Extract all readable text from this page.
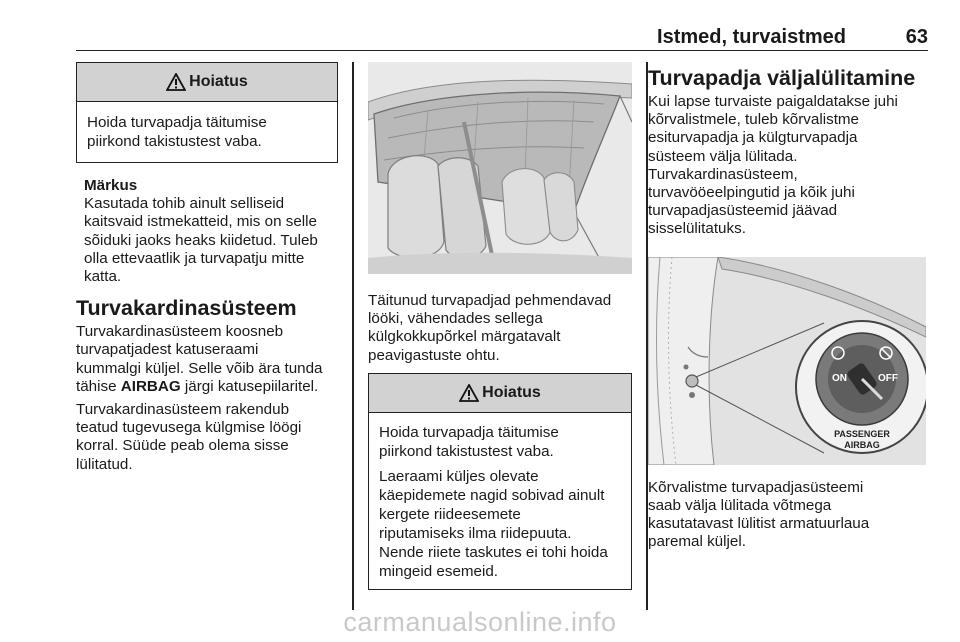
Istmed, turvaistmed	63
Hoiatus

Hoida turvapadja täitumise
piirkond takistustest vaba.

Märkus
Kasutada tohib ainult selliseid
kaitsvaid istmekatteid, mis on selle
sõiduki jaoks heaks kiidetud. Tuleb
olla ettevaatlik ja turvapatju mitte
katta.
Turvakardinasüsteem

Turvakardinasüsteem koosneb
turvapatjadest katuseraami
kummalgi küljel. Selle võib ära tunda
tähise AIRBAG järgi katusepiilaritel.

Turvakardinasüsteem rakendub
teatud tugevusega külgmise löögi
korral. Süüde peab olema sisse
lülitatud.

Täitunud turvapadjad pehmendavad
lööki, vähendades sellega
külgkokkupõrkel märgatavalt
peavigastuste ohtu.

Hoiatus

Hoida turvapadja täitumise
piirkond takistustest vaba.

Laeraami küljes olevate
käepidemete nagid sobivad ainult
kergete riideesemete
riputamiseks ilma riidepuuta.
Nende riiete taskutes ei tohi hoida
mingeid esemeid.

Turvapadja väljalülitamine

Kui lapse turvaiste paigaldatakse juhi
kõrvalistmele, tuleb kõrvalistme
esiturvapadja ja külgturvapadja
süsteem välja lülitada.
Turvakardinasüsteem,
turvavööeelpingutid ja kõik juhi
turvapadjasüsteemid jäävad
sisselülitatuks.

ON	OFF
PASSENGER
AIRBAG

Kõrvalistme turvapadjasüsteemi
saab välja lülitada võtmega
kasutatavast lülitist armatuurlaua
paremal küljel.

carmanualsonline.info
